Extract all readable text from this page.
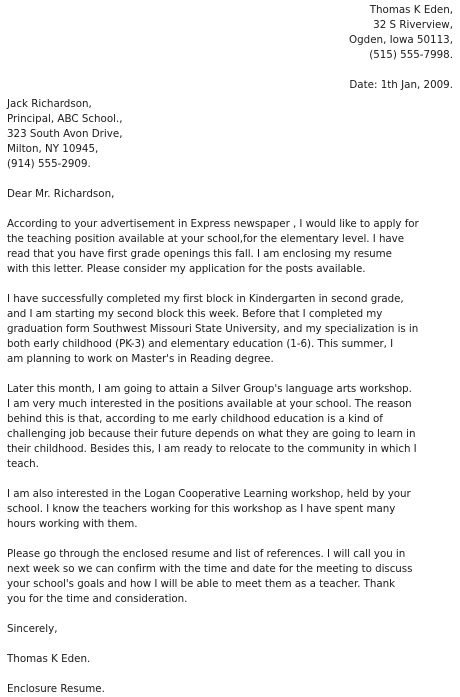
Thomas K Eden,
32 S Riverview,
Ogden, Iowa 50113,
(515) 555-7998.
Date: 1th Jan, 2009.
Jack Richardson,
Principal, ABC School.,
323 South Avon Drive,
Milton, NY 10945,
(914) 555-2909.
Dear Mr. Richardson,

According to your advertisement in Express newspaper , I would like to apply for
the teaching position available at your school,for the elementary level. I have
read that you have first grade openings this fall. I am enclosing my resume
with this letter. Please consider my application for the posts available.

I have successfully completed my first block in Kindergarten in second grade,
and I am starting my second block this week. Before that I completed my
graduation form Southwest Missouri State University, and my specialization is in
both early childhood (PK-3) and elementary education (1-6). This summer, I
am planning to work on Master's in Reading degree.

Later this month, I am going to attain a Silver Group's language arts workshop.
I am very much interested in the positions available at your school. The reason
behind this is that, according to me early childhood education is a kind of
challenging job because their future depends on what they are going to learn in
their childhood. Besides this, I am ready to relocate to the community in which I
teach.

I am also interested in the Logan Cooperative Learning workshop, held by your
school. I know the teachers working for this workshop as I have spent many
hours working with them.

Please go through the enclosed resume and list of references. I will call you in
next week so we can confirm with the time and date for the meeting to discuss
your school's goals and how I will be able to meet them as a teacher. Thank
you for the time and consideration.

Sincerely,
Thomas K Eden.
Enclosure Resume.
